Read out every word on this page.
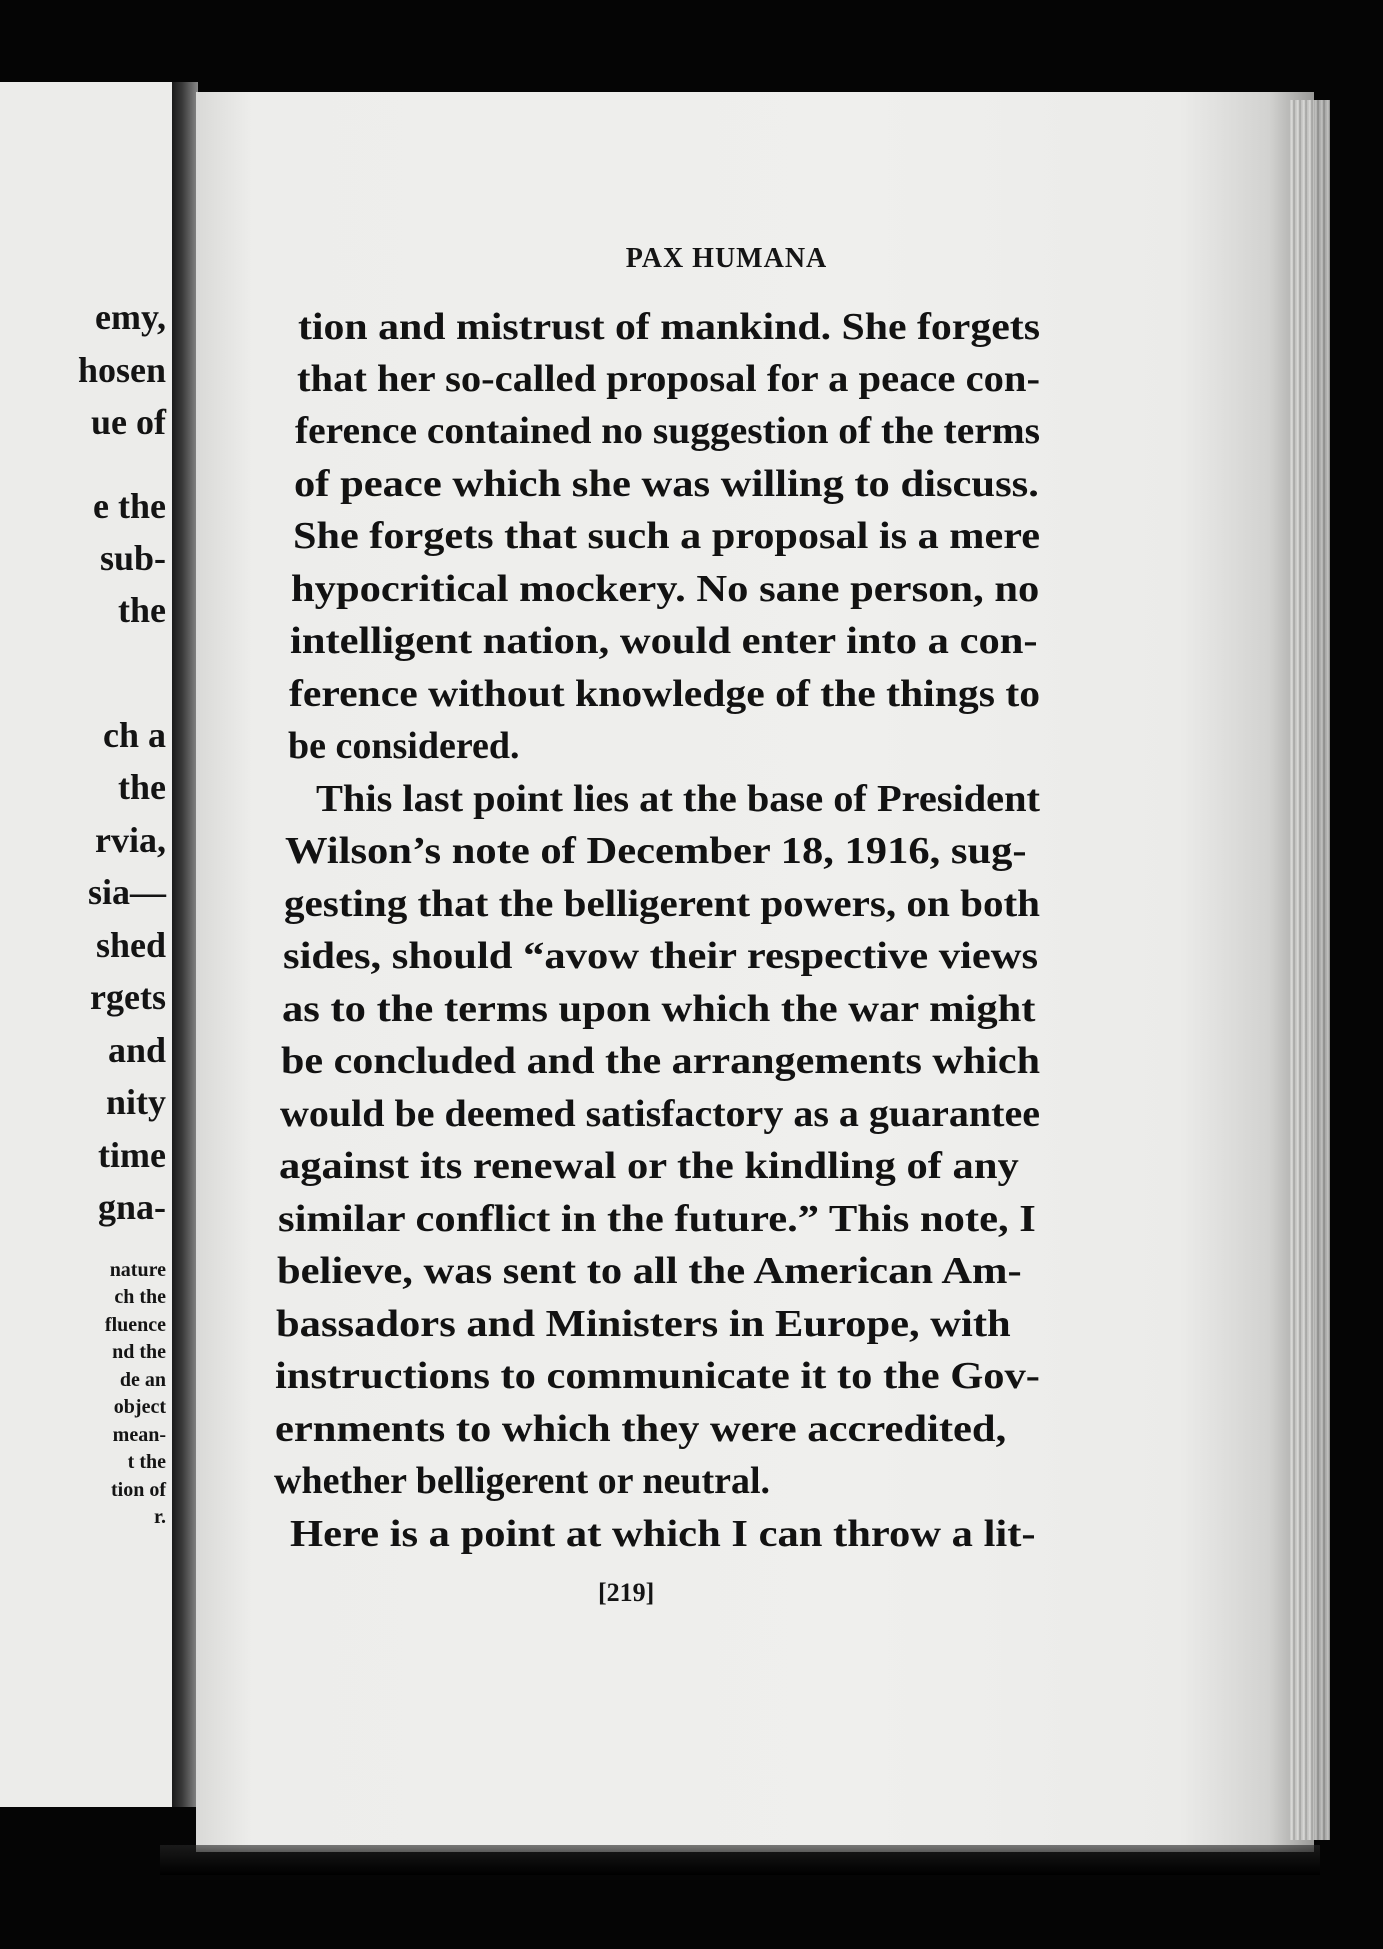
emy,
hosen
ue of
e the
sub-
the
ch a
the
rvia,
sia—
shed
rgets
and
nity
time
gna-
nature
ch the
fluence
nd the
de an
object
mean-
t the
tion of
r.
PAX HUMANA
tion and mistrust of mankind. She forgets
that her so-called proposal for a peace con-
ference contained no suggestion of the terms
of peace which she was willing to discuss.
She forgets that such a proposal is a mere
hypocritical mockery. No sane person, no
intelligent nation, would enter into a con-
ference without knowledge of the things to
be considered.
This last point lies at the base of President
Wilson’s note of December 18, 1916, sug-
gesting that the belligerent powers, on both
sides, should “avow their respective views
as to the terms upon which the war might
be concluded and the arrangements which
would be deemed satisfactory as a guarantee
against its renewal or the kindling of any
similar conflict in the future.” This note, I
believe, was sent to all the American Am-
bassadors and Ministers in Europe, with
instructions to communicate it to the Gov-
ernments to which they were accredited,
whether belligerent or neutral.
Here is a point at which I can throw a lit-
[219]
